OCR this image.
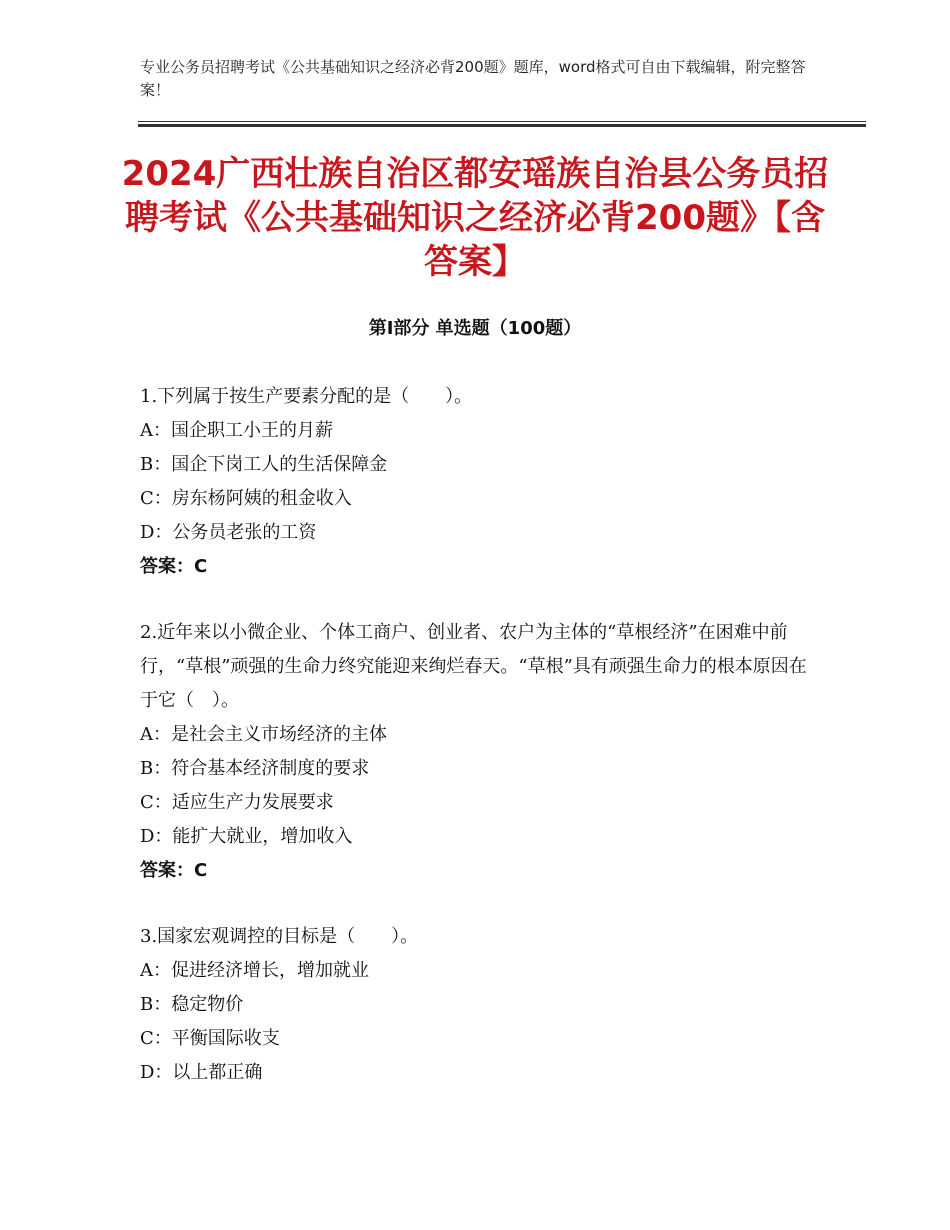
专业公务员招聘考试《公共基础知识之经济必背200题》题库，word格式可自由下载编辑，附完整答案！
2024广西壮族自治区都安瑶族自治县公务员招聘考试《公共基础知识之经济必背200题》【含答案】
第Ⅰ部分 单选题（100题）

1.下列属于按生产要素分配的是（　　）。

A：国企职工小王的月薪

B：国企下岗工人的生活保障金

C：房东杨阿姨的租金收入

D：公务员老张的工资

答案：C

2.近年来以小微企业、个体工商户、创业者、农户为主体的“草根经济”在困难中前行，“草根”顽强的生命力终究能迎来绚烂春天。“草根”具有顽强生命力的根本原因在于它（　）。

A：是社会主义市场经济的主体

B：符合基本经济制度的要求

C：适应生产力发展要求

D：能扩大就业，增加收入

答案：C

3.国家宏观调控的目标是（　　）。

A：促进经济增长，增加就业

B：稳定物价

C：平衡国际收支

D：以上都正确
